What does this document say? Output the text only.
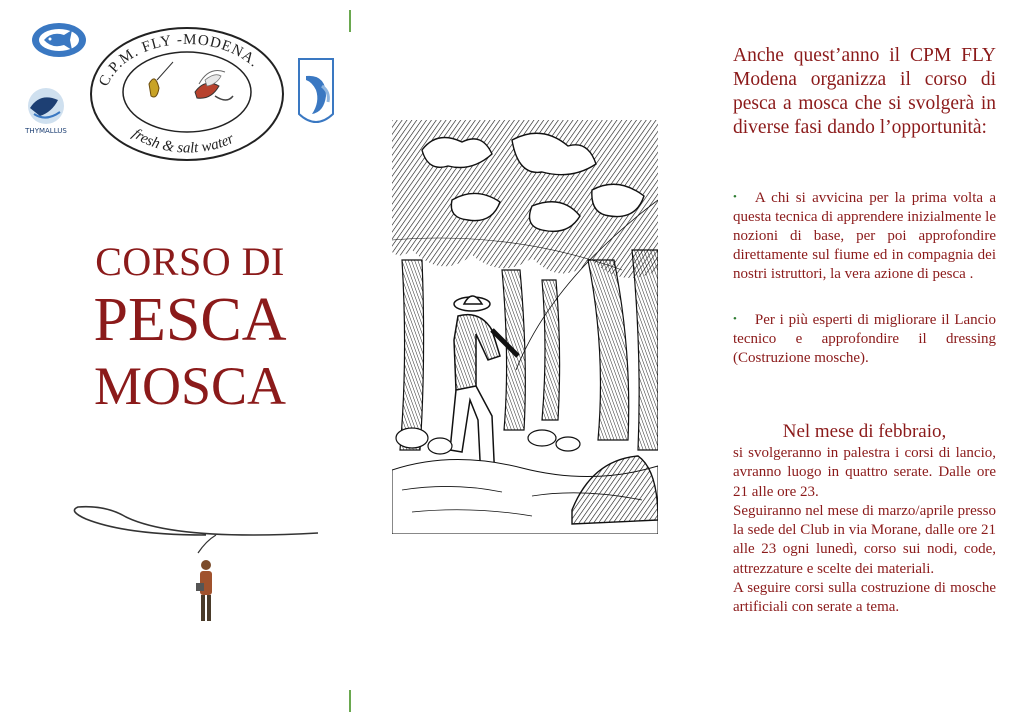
THYMALLUS
C.P.M. FLY -MODENA.
fresh & salt water
CORSO DI
PESCA
MOSCA
Anche quest’anno il CPM FLY Modena organizza il corso di pesca a mosca che si svolgerà in diverse fasi dando l’opportunità:
• A chi si avvicina per la prima volta a questa tecnica di apprendere inizialmente le nozioni di base, per poi approfondire direttamente sul fiume ed in compagnia dei nostri istruttori, la vera azione di pesca .
• Per i più esperti di migliorare il Lancio tecnico e approfondire il dressing (Costruzione mosche).
Nel mese di febbraio,

si svolgeranno in palestra i corsi di lancio, avranno luogo in quattro serate. Dalle ore 21 alle ore 23.

Seguiranno nel mese di marzo/aprile presso la sede del Club in via Morane, dalle ore 21 alle 23 ogni lunedì, corso sui nodi, code, attrezzature e scelte dei materiali.

A seguire corsi sulla costruzione di mosche artificiali con serate a tema.
